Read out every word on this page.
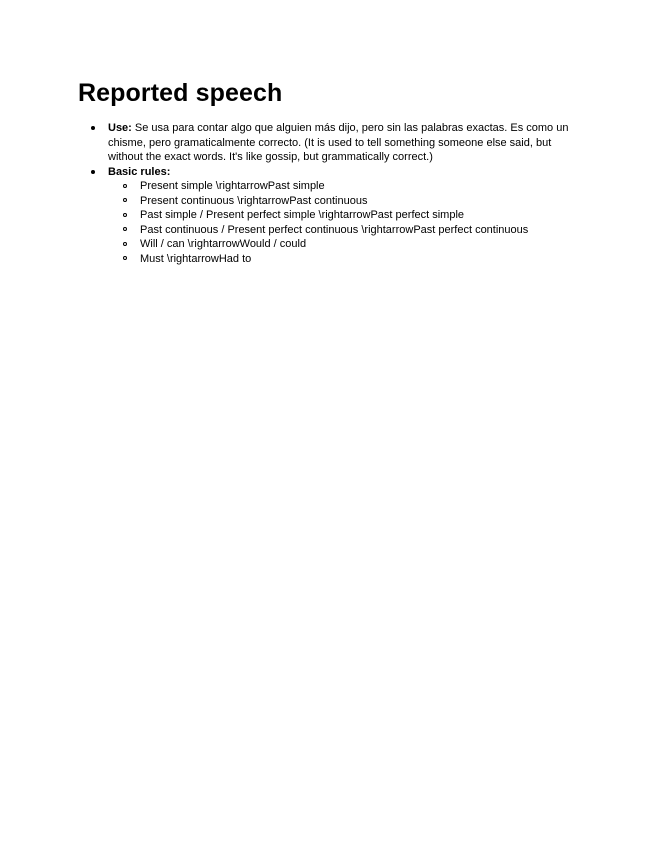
Reported speech
Use: Se usa para contar algo que alguien más dijo, pero sin las palabras exactas. Es como un chisme, pero gramaticalmente correcto. (It is used to tell something someone else said, but without the exact words. It's like gossip, but grammatically correct.)
Basic rules:
Present simple \rightarrowPast simple
Present continuous \rightarrowPast continuous
Past simple / Present perfect simple \rightarrowPast perfect simple
Past continuous / Present perfect continuous \rightarrowPast perfect continuous
Will / can \rightarrowWould / could
Must \rightarrowHad to
